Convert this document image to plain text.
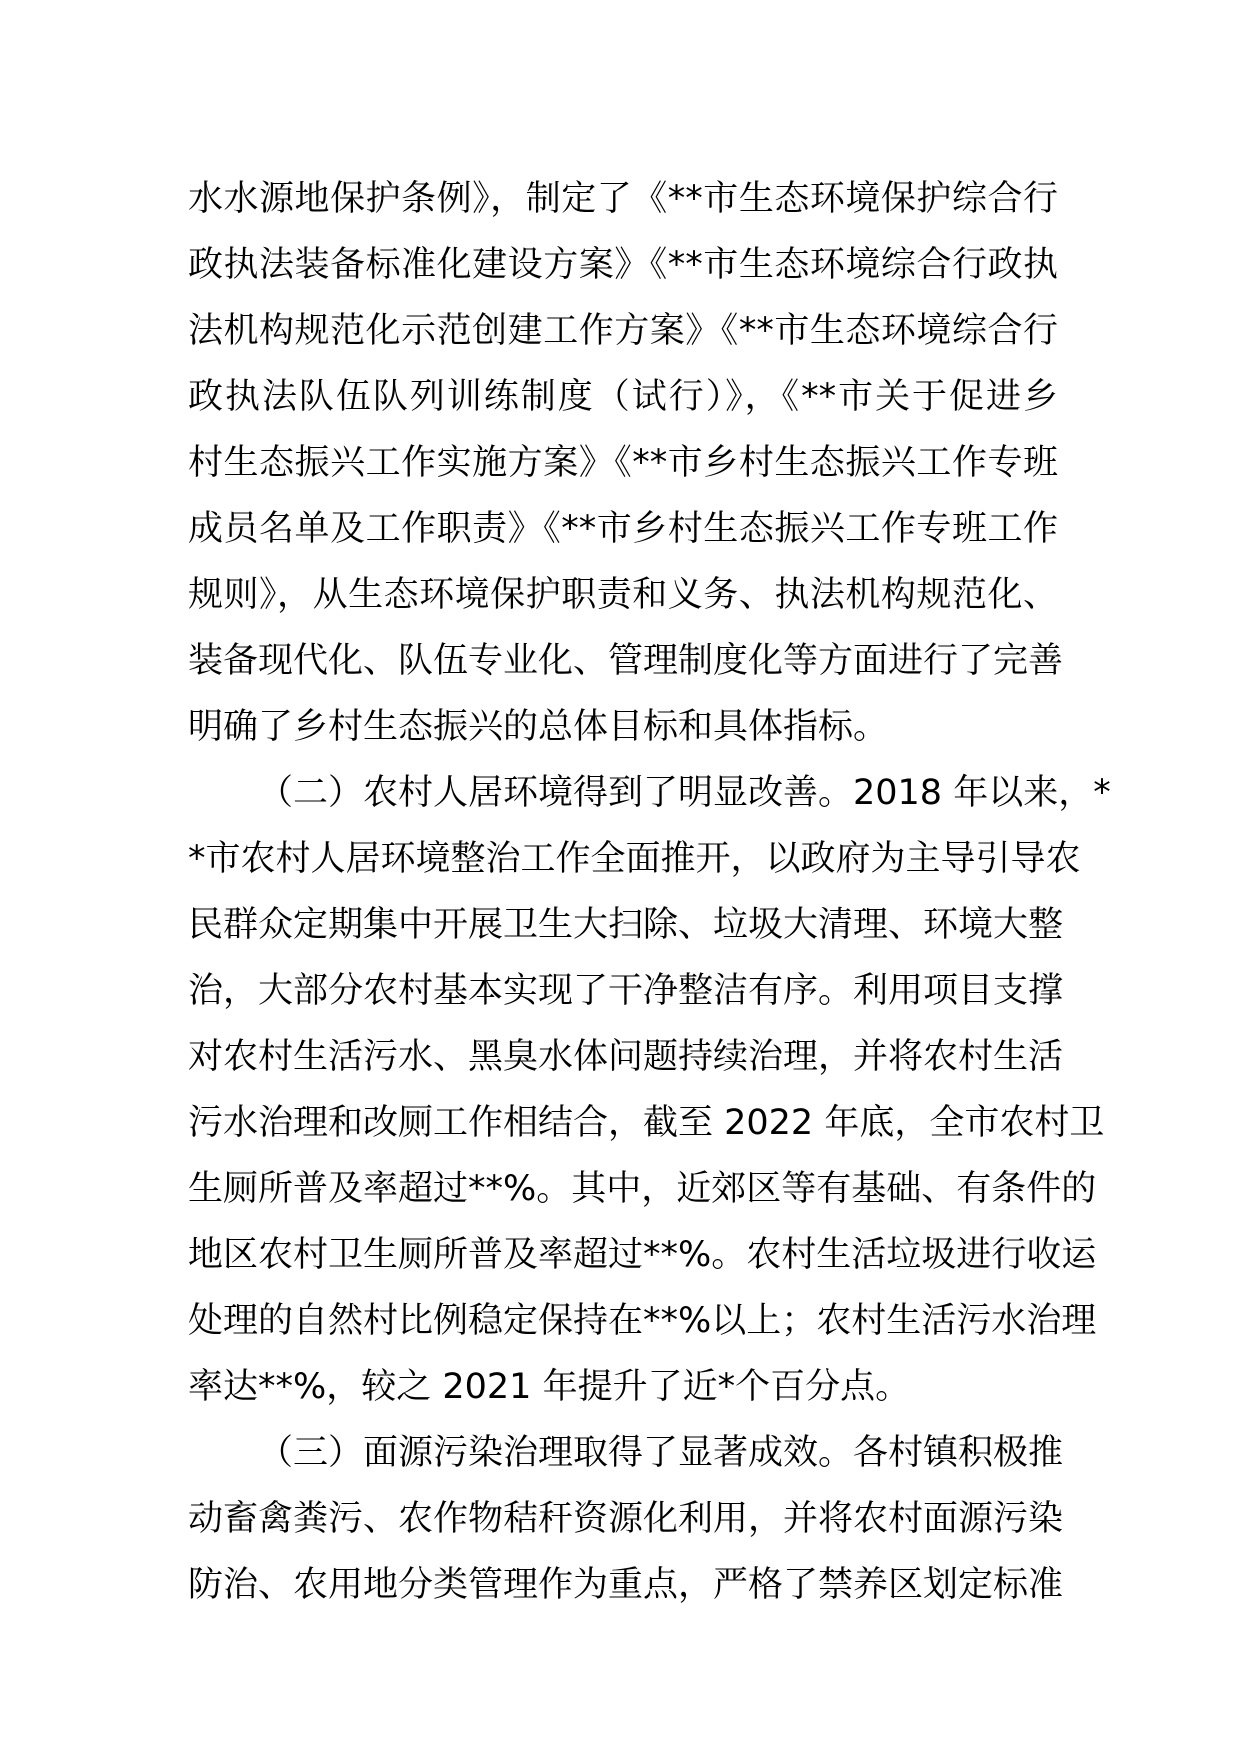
水水源地保护条例》，制定了《**市生态环境保护综合行
政执法装备标准化建设方案》《**市生态环境综合行政执
法机构规范化示范创建工作方案》《**市生态环境综合行
政执法队伍队列训练制度（试行）》，《**市关于促进乡
村生态振兴工作实施方案》《**市乡村生态振兴工作专班
成员名单及工作职责》《**市乡村生态振兴工作专班工作
规则》，从生态环境保护职责和义务、执法机构规范化、
装备现代化、队伍专业化、管理制度化等方面进行了完善
明确了乡村生态振兴的总体目标和具体指标。
（二）农村人居环境得到了明显改善。2018 年以来，*
*市农村人居环境整治工作全面推开，以政府为主导引导农
民群众定期集中开展卫生大扫除、垃圾大清理、环境大整
治，大部分农村基本实现了干净整洁有序。利用项目支撑
对农村生活污水、黑臭水体问题持续治理，并将农村生活
污水治理和改厕工作相结合，截至 2022 年底，全市农村卫
生厕所普及率超过**%。其中，近郊区等有基础、有条件的
地区农村卫生厕所普及率超过**%。农村生活垃圾进行收运
处理的自然村比例稳定保持在**%以上；农村生活污水治理
率达**%，较之 2021 年提升了近*个百分点。
（三）面源污染治理取得了显著成效。各村镇积极推
动畜禽粪污、农作物秸秆资源化利用，并将农村面源污染
防治、农用地分类管理作为重点，严格了禁养区划定标准
